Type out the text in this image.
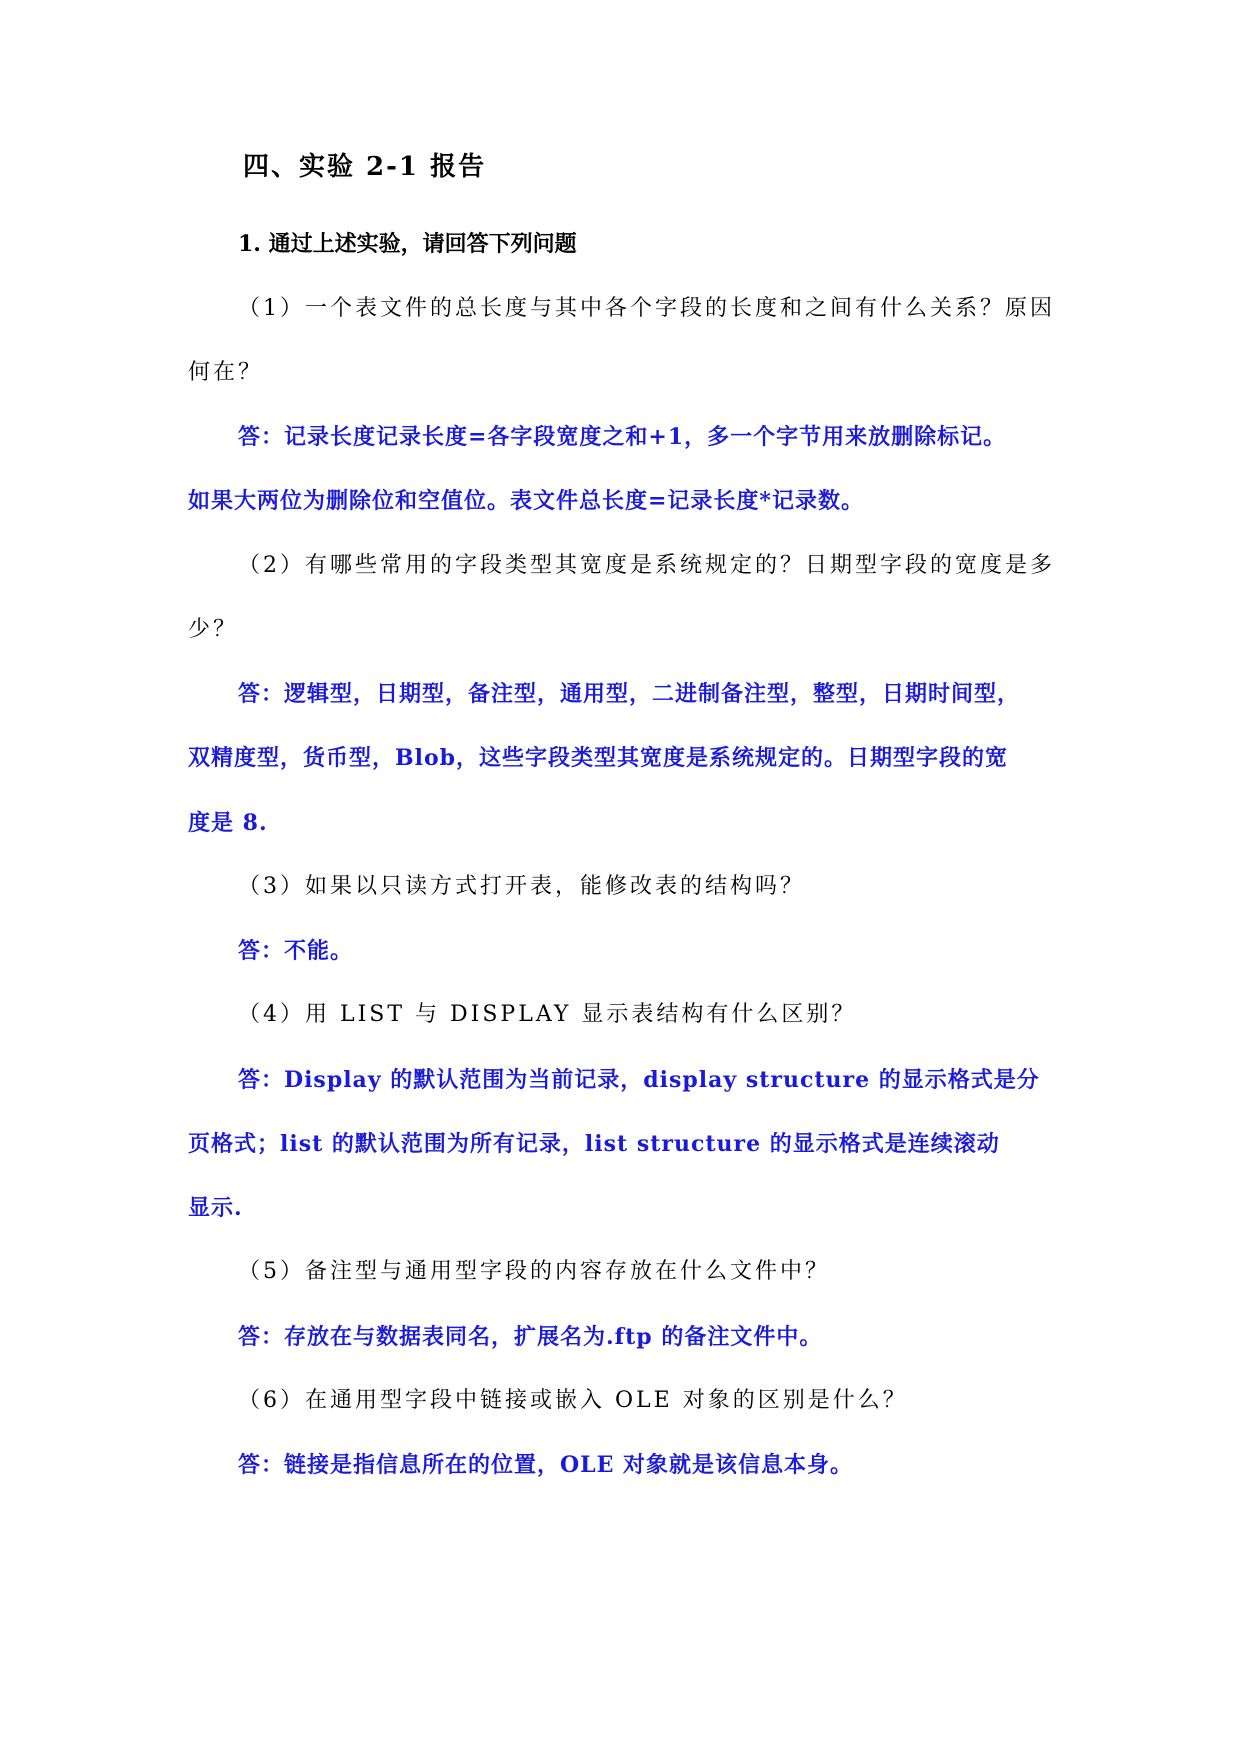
四、实验 2-1 报告
1. 通过上述实验，请回答下列问题
（1）一个表文件的总长度与其中各个字段的长度和之间有什么关系？原因
何在？
答：记录长度记录长度=各字段宽度之和+1，多一个字节用来放删除标记。
如果大两位为删除位和空值位。表文件总长度=记录长度*记录数。
（2）有哪些常用的字段类型其宽度是系统规定的？日期型字段的宽度是多
少？
答：逻辑型，日期型，备注型，通用型，二进制备注型，整型，日期时间型，
双精度型，货币型，Blob，这些字段类型其宽度是系统规定的。日期型字段的宽
度是 8.
（3）如果以只读方式打开表，能修改表的结构吗？
答：不能。
（4）用 LIST 与 DISPLAY 显示表结构有什么区别？
答：Display 的默认范围为当前记录，display structure 的显示格式是分
页格式；list 的默认范围为所有记录，list structure 的显示格式是连续滚动
显示.
（5）备注型与通用型字段的内容存放在什么文件中？
答：存放在与数据表同名，扩展名为.ftp 的备注文件中。
（6）在通用型字段中链接或嵌入 OLE 对象的区别是什么？
答：链接是指信息所在的位置，OLE 对象就是该信息本身。
